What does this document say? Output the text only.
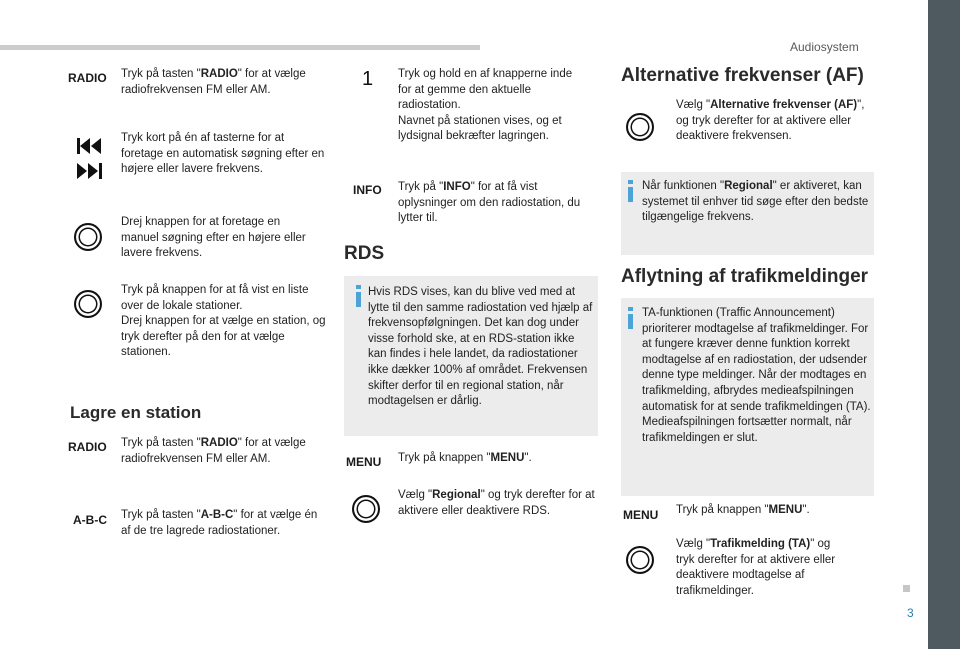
Audiosystem
3
RADIO Tryk på tasten "RADIO" for at vælge radiofrekvensen FM eller AM.
Tryk kort på én af tasterne for at foretage en automatisk søgning efter en højere eller lavere frekvens.
Drej knappen for at foretage en manuel søgning efter en højere eller lavere frekvens.
Tryk på knappen for at få vist en liste over de lokale stationer.
Drej knappen for at vælge en station, og tryk derefter på den for at vælge stationen.
Lagre en station
RADIO Tryk på tasten "RADIO" for at vælge radiofrekvensen FM eller AM.
A-B-C Tryk på tasten "A-B-C" for at vælge én af de tre lagrede radiostationer.
1 Tryk og hold en af knapperne inde for at gemme den aktuelle radiostation.
Navnet på stationen vises, og et lydsignal bekræfter lagringen.
INFO Tryk på "INFO" for at få vist oplysninger om den radiostation, du lytter til.
RDS
Hvis RDS vises, kan du blive ved med at lytte til den samme radiostation ved hjælp af frekvensopfølgningen. Det kan dog under visse forhold ske, at en RDS-station ikke kan findes i hele landet, da radiostationer ikke dækker 100% af området. Frekvensen skifter derfor til en regional station, når modtagelsen er dårlig.
MENU Tryk på knappen "MENU".
Vælg "Regional" og tryk derefter for at aktivere eller deaktivere RDS.
Alternative frekvenser (AF)
Vælg "Alternative frekvenser (AF)", og tryk derefter for at aktivere eller deaktivere frekvensen.
Når funktionen "Regional" er aktiveret, kan systemet til enhver tid søge efter den bedste tilgængelige frekvens.
Aflytning af trafikmeldinger
TA-funktionen (Traffic Announcement) prioriterer modtagelse af trafikmeldinger. For at fungere kræver denne funktion korrekt modtagelse af en radiostation, der udsender denne type meldinger. Når der modtages en trafikmelding, afbrydes medieafspilningen automatisk for at sende trafikmeldingen (TA). Medieafspilningen fortsætter normalt, når trafikmeldingen er slut.
MENU Tryk på knappen "MENU".
Vælg "Trafikmelding (TA)" og tryk derefter for at aktivere eller deaktivere modtagelse af trafikmeldinger.
